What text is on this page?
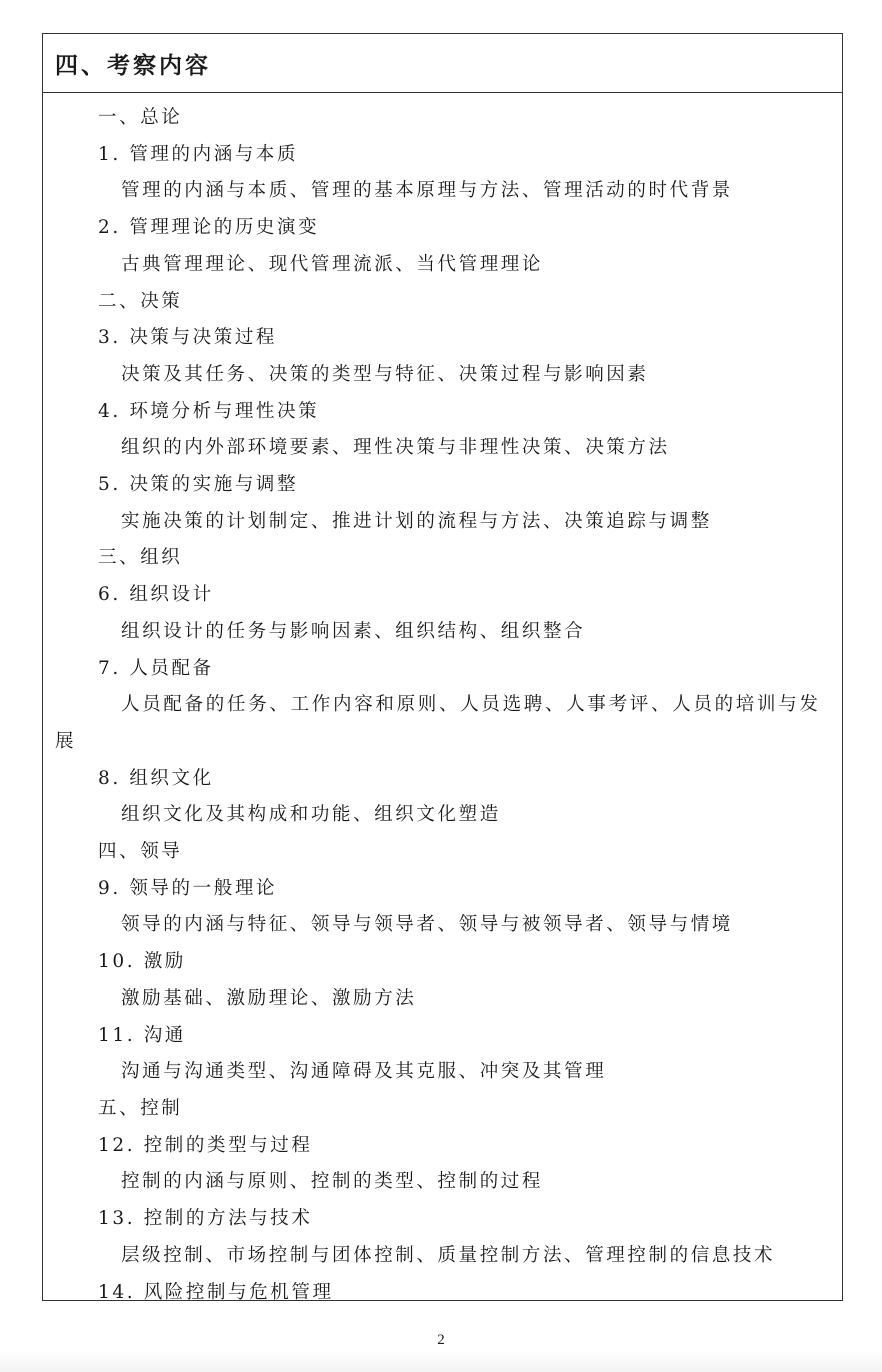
四、考察内容
一、总论
1. 管理的内涵与本质
管理的内涵与本质、管理的基本原理与方法、管理活动的时代背景
2. 管理理论的历史演变
古典管理理论、现代管理流派、当代管理理论
二、决策
3. 决策与决策过程
决策及其任务、决策的类型与特征、决策过程与影响因素
4. 环境分析与理性决策
组织的内外部环境要素、理性决策与非理性决策、决策方法
5. 决策的实施与调整
实施决策的计划制定、推进计划的流程与方法、决策追踪与调整
三、组织
6. 组织设计
组织设计的任务与影响因素、组织结构、组织整合
7. 人员配备
人员配备的任务、工作内容和原则、人员选聘、人事考评、人员的培训与发展
8. 组织文化
组织文化及其构成和功能、组织文化塑造
四、领导
9. 领导的一般理论
领导的内涵与特征、领导与领导者、领导与被领导者、领导与情境
10. 激励
激励基础、激励理论、激励方法
11. 沟通
沟通与沟通类型、沟通障碍及其克服、冲突及其管理
五、控制
12. 控制的类型与过程
控制的内涵与原则、控制的类型、控制的过程
13. 控制的方法与技术
层级控制、市场控制与团体控制、质量控制方法、管理控制的信息技术
14. 风险控制与危机管理
2
